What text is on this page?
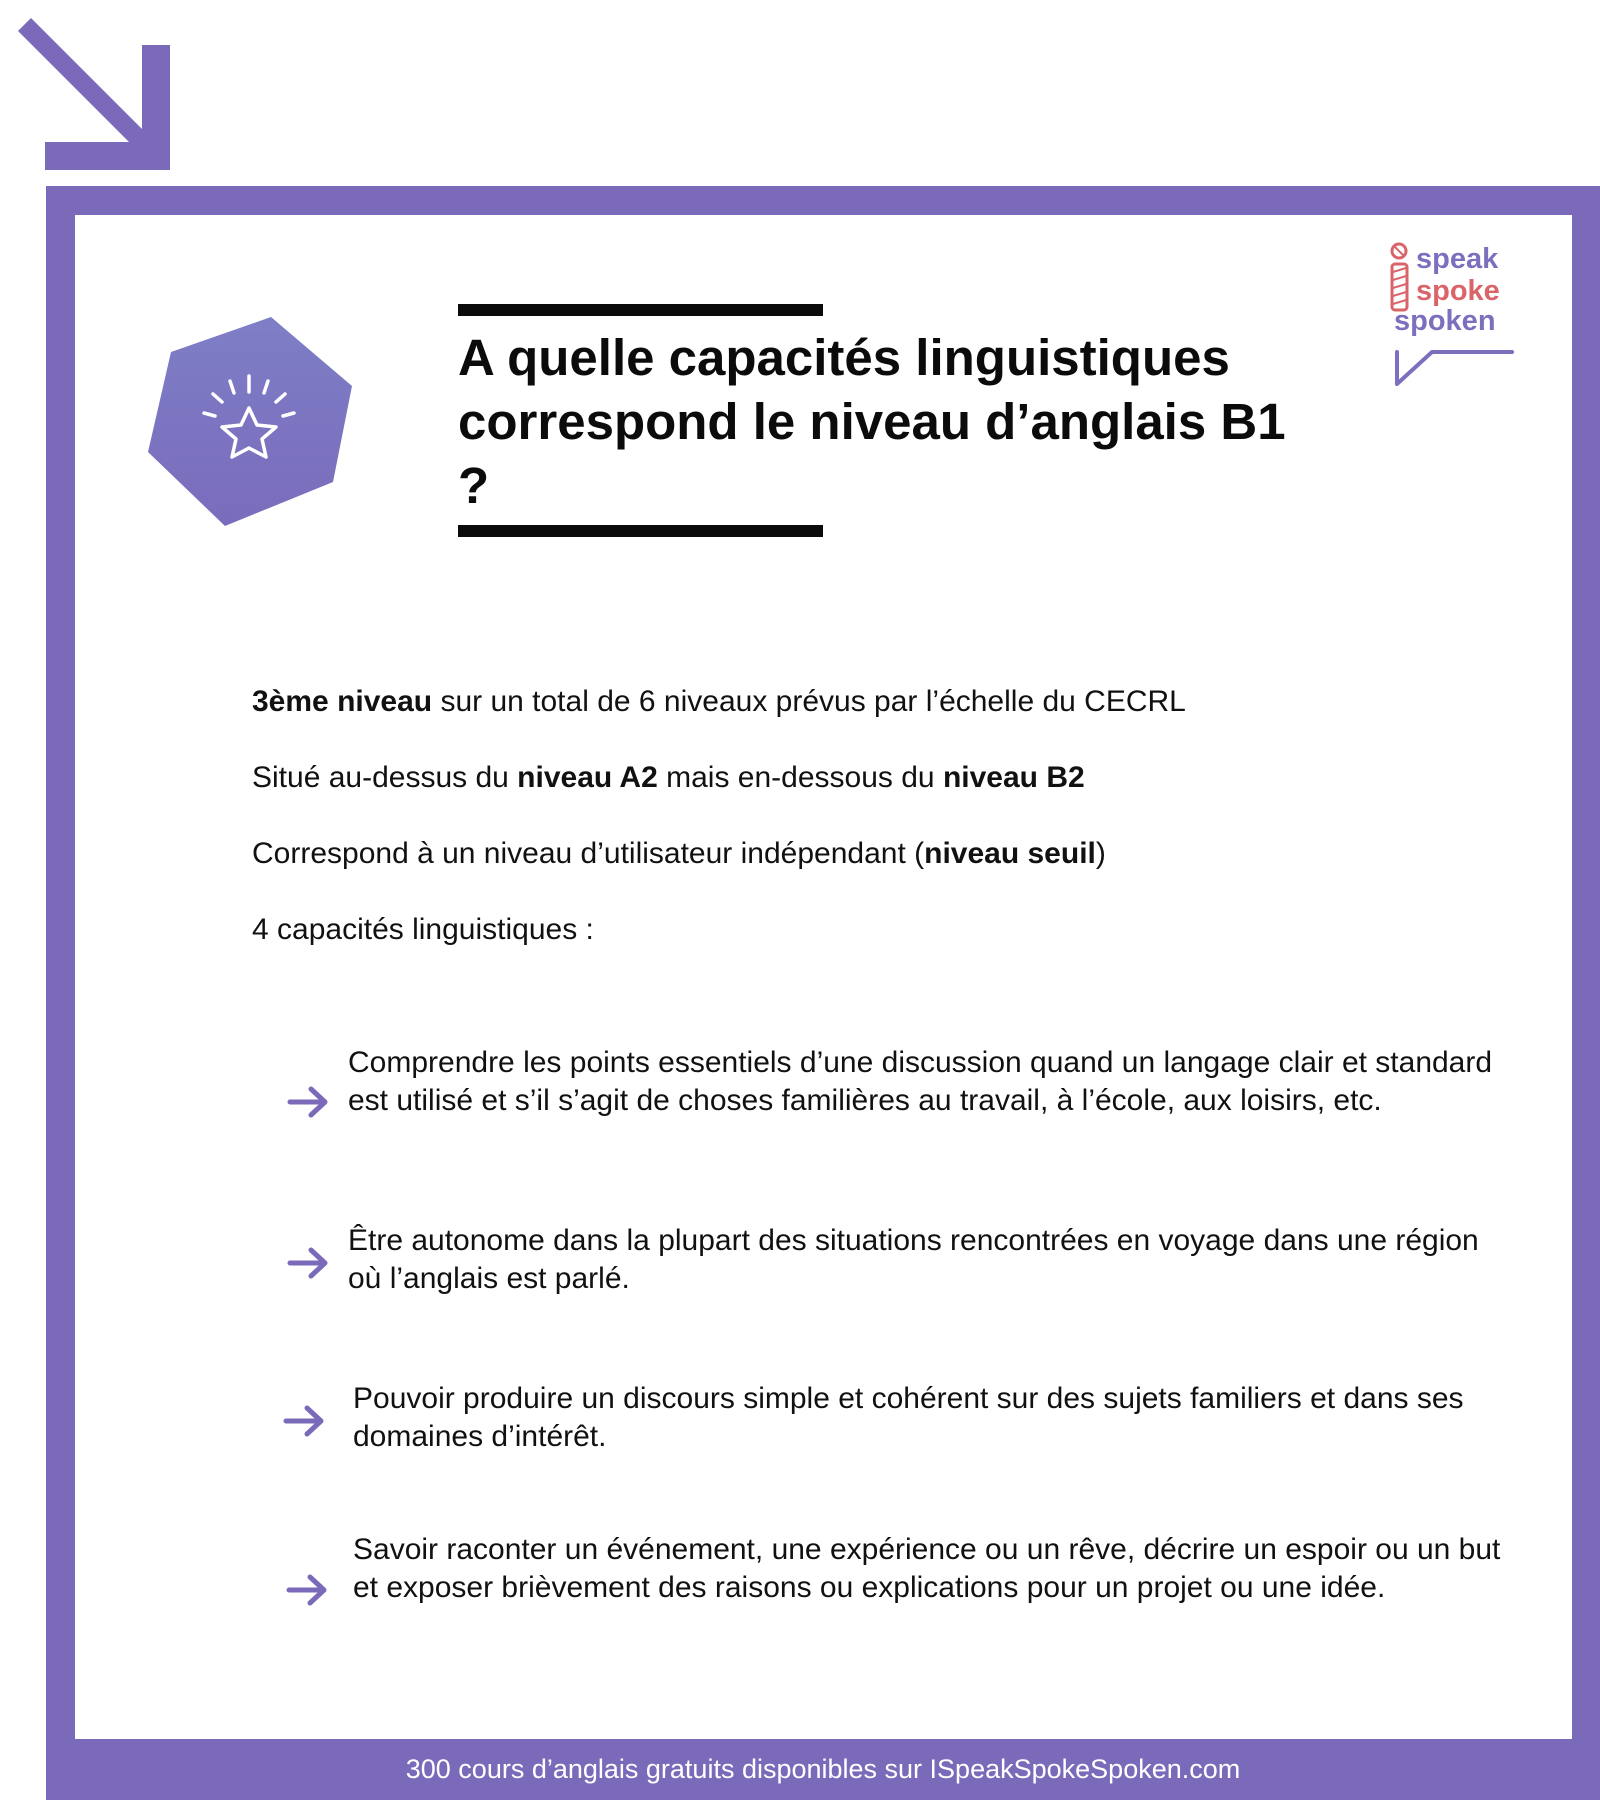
A quelle capacités linguistiques correspond le niveau d’anglais B1 ?
speak
spoke
spoken

3ème niveau sur un total de 6 niveaux prévus par l’échelle du CECRL

Situé au-dessus du niveau A2 mais en-dessous du niveau B2

Correspond à un niveau d’utilisateur indépendant (niveau seuil)

4 capacités linguistiques :

Comprendre les points essentiels d’une discussion quand un langage clair et standard est utilisé et s’il s’agit de choses familières au travail, à l’école, aux loisirs, etc.

Être autonome dans la plupart des situations rencontrées en voyage dans une région où l’anglais est parlé.

Pouvoir produire un discours simple et cohérent sur des sujets familiers et dans ses domaines d’intérêt.

Savoir raconter un événement, une expérience ou un rêve, décrire un espoir ou un but et exposer brièvement des raisons ou explications pour un projet ou une idée.

300 cours d’anglais gratuits disponibles sur ISpeakSpokeSpoken.com
